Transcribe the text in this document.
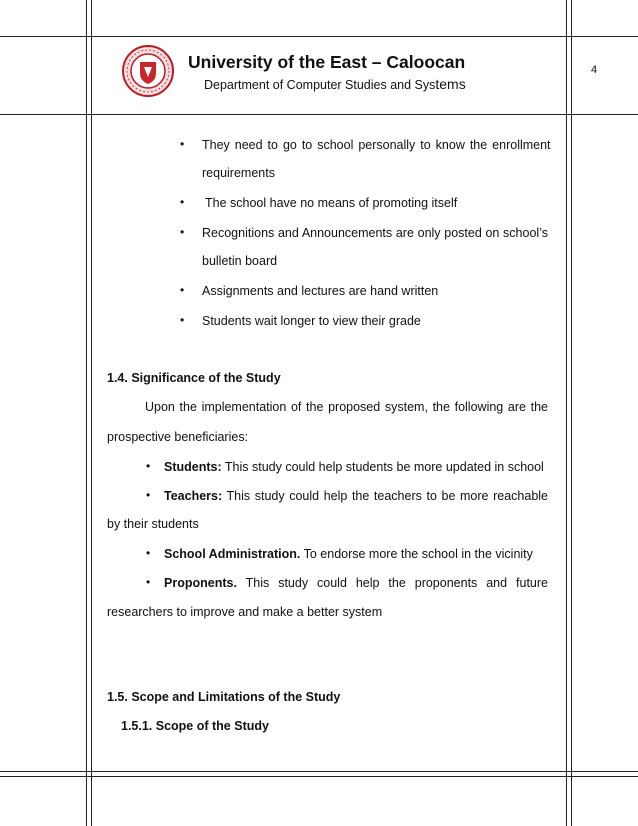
University of the East – Caloocan
Department of Computer Studies and Systems
4
• They need to go to school personally to know the enrollment
requirements
• The school have no means of promoting itself
• Recognitions and Announcements are only posted on school’s
bulletin board
• Assignments and lectures are hand written
• Students wait longer to view their grade
1.4. Significance of the Study
Upon the implementation of the proposed system, the following are the
prospective beneficiaries:
• Students: This study could help students be more updated in school
• Teachers: This study could help the teachers to be more reachable
by their students
• School Administration. To endorse more the school in the vicinity
• Proponents. This study could help the proponents and future
researchers to improve and make a better system
1.5. Scope and Limitations of the Study
1.5.1. Scope of the Study
